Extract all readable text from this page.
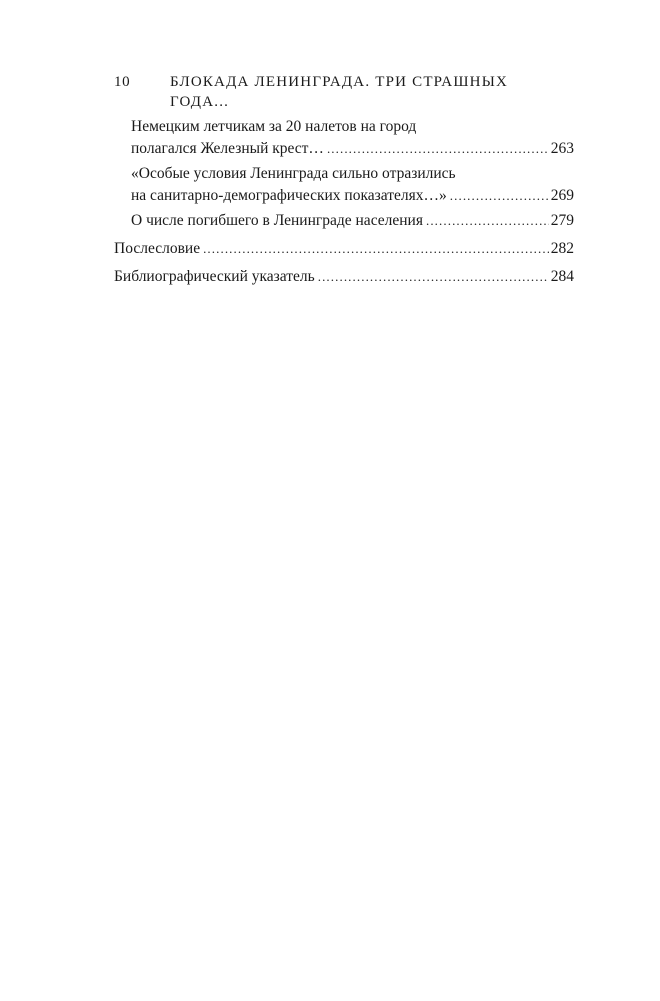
10	БЛОКАДА ЛЕНИНГРАДА. ТРИ СТРАШНЫХ ГОДА...
Немецким летчикам за 20 налетов на город
полагался Железный крест… .....	263
«Особые условия Ленинграда сильно отразились
на санитарно-демографических показателях…» .....	269
О числе погибшего в Ленинграде населения .....	279
Послесловие .....	282
Библиографический указатель .....	284
